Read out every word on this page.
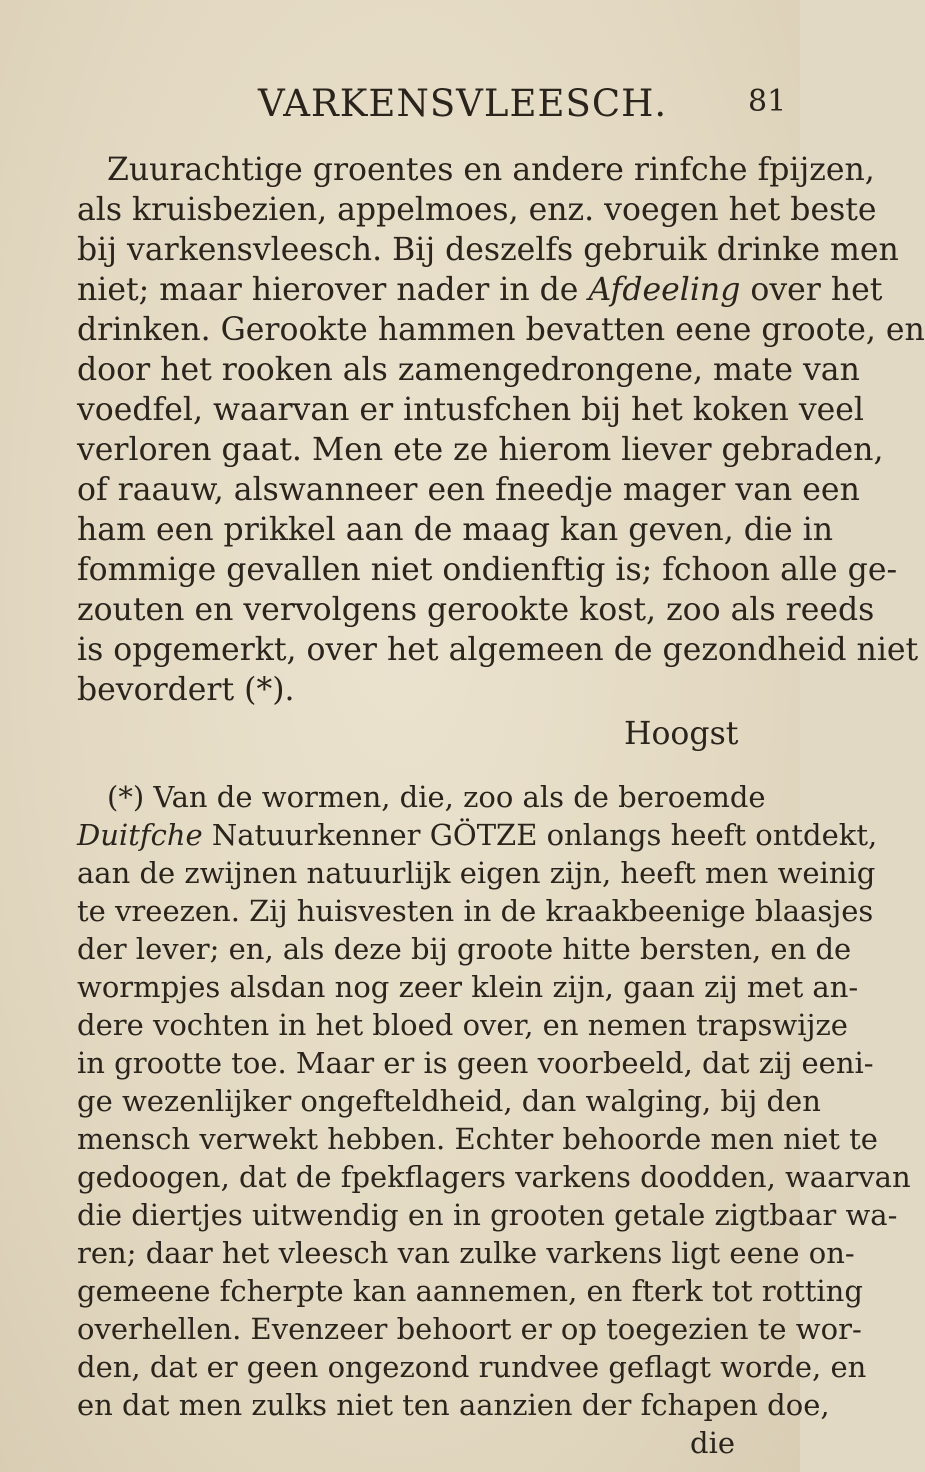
VARKENSVLEESCH.	81
Zuurachtige groentes en andere rinfche fpijzen,
als kruisbezien, appelmoes, enz. voegen het beste
bij varkensvleesch. Bij deszelfs gebruik drinke men
niet; maar hierover nader in de Afdeeling over het
drinken. Gerookte hammen bevatten eene groote, en
door het rooken als zamengedrongene, mate van
voedfel, waarvan er intusfchen bij het koken veel
verloren gaat. Men ete ze hierom liever gebraden,
of raauw, alswanneer een fneedje mager van een
ham een prikkel aan de maag kan geven, die in
fommige gevallen niet ondienftig is; fchoon alle ge-
zouten en vervolgens gerookte kost, zoo als reeds
is opgemerkt, over het algemeen de gezondheid niet
bevordert (*).
Hoogst
(*) Van de wormen, die, zoo als de beroemde
Duitfche Natuurkenner GÖTZE onlangs heeft ontdekt,
aan de zwijnen natuurlijk eigen zijn, heeft men weinig
te vreezen. Zij huisvesten in de kraakbeenige blaasjes
der lever; en, als deze bij groote hitte bersten, en de
wormpjes alsdan nog zeer klein zijn, gaan zij met an-
dere vochten in het bloed over, en nemen trapswijze
in grootte toe. Maar er is geen voorbeeld, dat zij eeni-
ge wezenlijker ongefteldheid, dan walging, bij den
mensch verwekt hebben. Echter behoorde men niet te
gedoogen, dat de fpekflagers varkens doodden, waarvan
die diertjes uitwendig en in grooten getale zigtbaar wa-
ren; daar het vleesch van zulke varkens ligt eene on-
gemeene fcherpte kan aannemen, en fterk tot rotting
overhellen. Evenzeer behoort er op toegezien te wor-
den, dat er geen ongezond rundvee geflagt worde, en
en dat men zulks niet ten aanzien der fchapen doe,
die
